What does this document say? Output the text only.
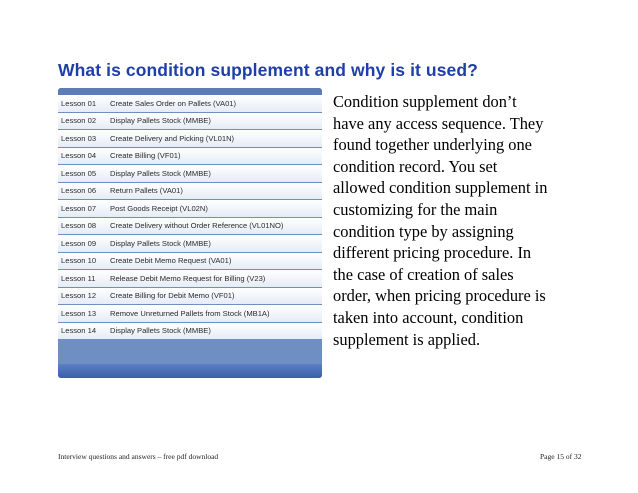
What is condition supplement and why is it used?
Lesson 01	Create Sales Order on Pallets (VA01)
Lesson 02	Display Pallets Stock (MMBE)
Lesson 03	Create Delivery and Picking (VL01N)
Lesson 04	Create Billing (VF01)
Lesson 05	Display Pallets Stock (MMBE)
Lesson 06	Return Pallets (VA01)
Lesson 07	Post Goods Receipt (VL02N)
Lesson 08	Create Delivery without Order Reference (VL01NO)
Lesson 09	Display Pallets Stock (MMBE)
Lesson 10	Create Debit Memo Request (VA01)
Lesson 11	Release Debit Memo Request for Billing (V23)
Lesson 12	Create Billing for Debit Memo (VF01)
Lesson 13	Remove Unreturned Pallets from Stock (MB1A)
Lesson 14	Display Pallets Stock (MMBE)
Condition supplement don’t
have any access sequence. They
found together underlying one
condition record. You set
allowed condition supplement in
customizing for the main
condition type by assigning
different pricing procedure. In
the case of creation of sales
order, when pricing procedure is
taken into account, condition
supplement is applied.
Interview questions and answers – free pdf download	Page 15 of 32
